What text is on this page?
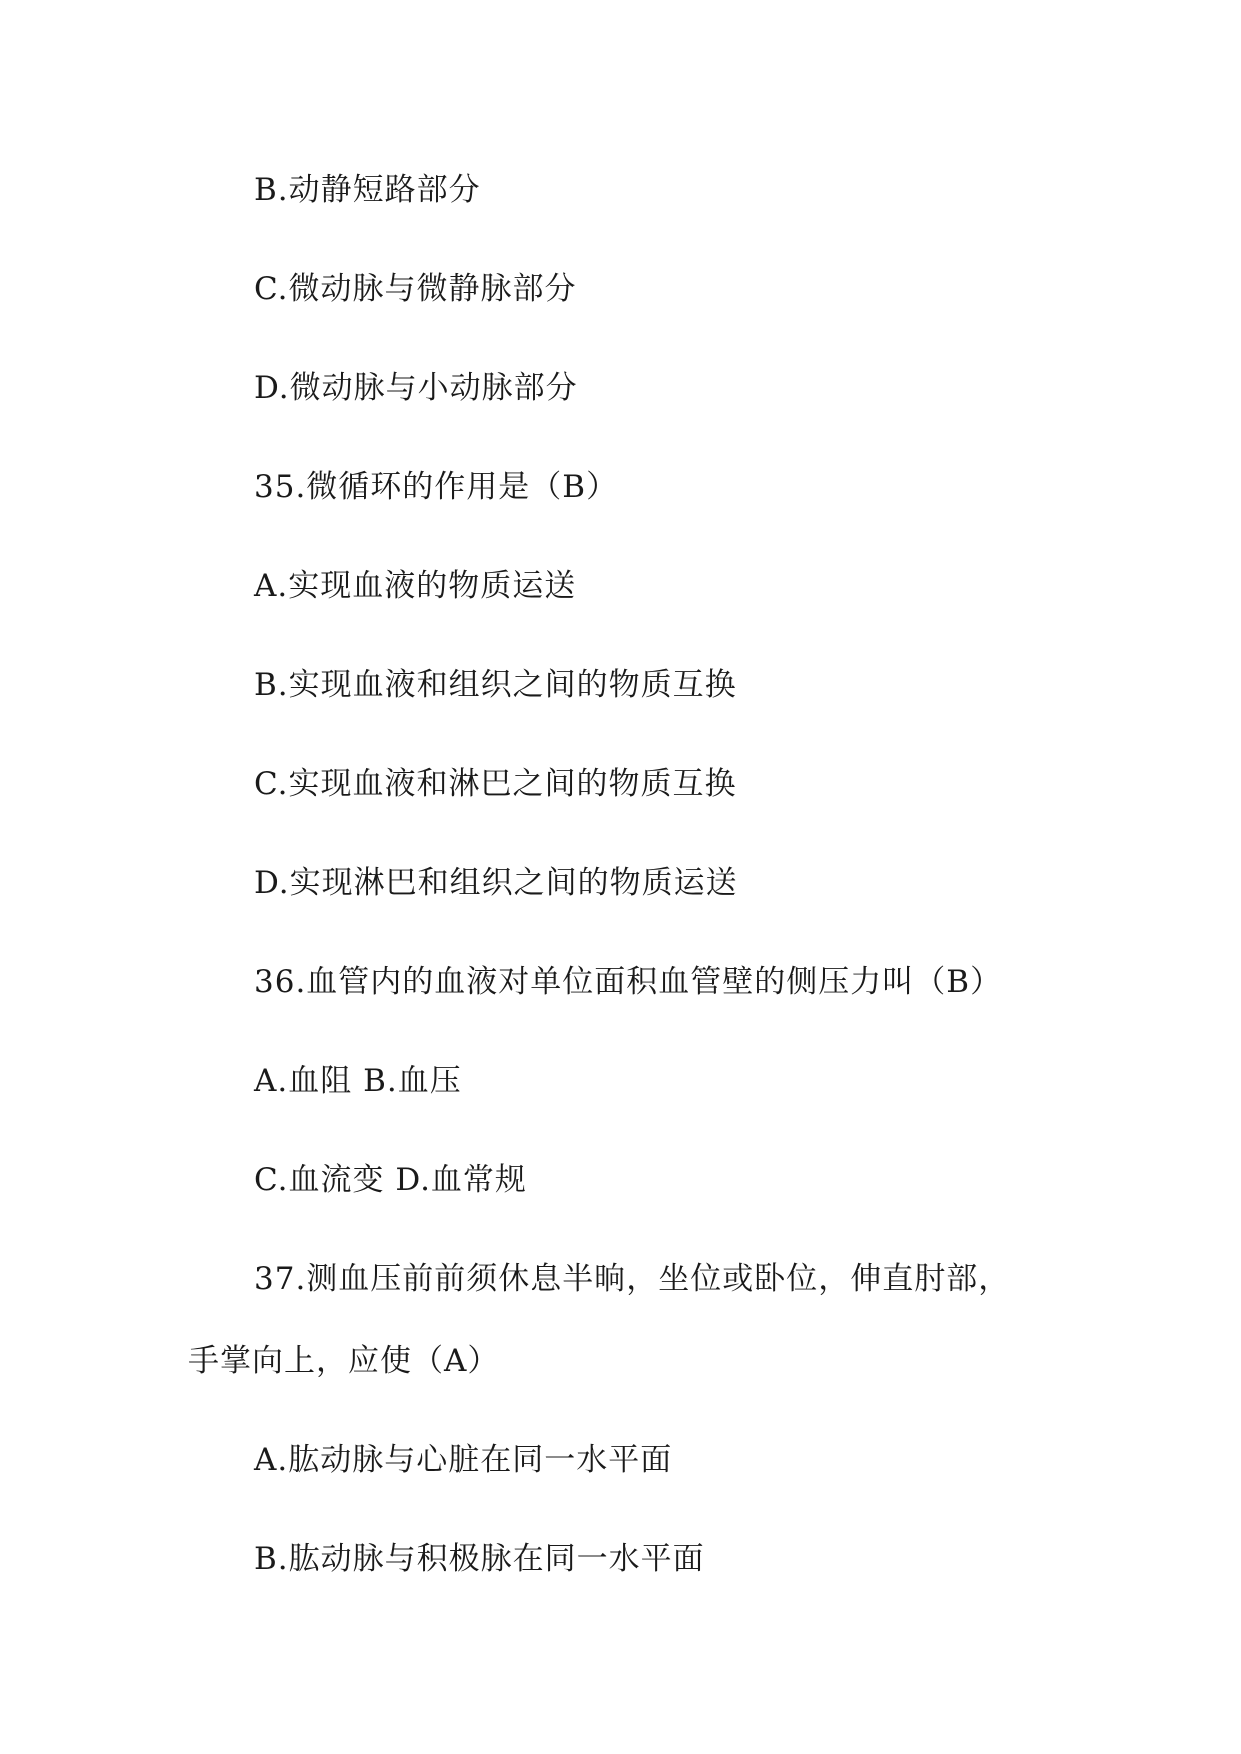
B.动静短路部分
C.微动脉与微静脉部分
D.微动脉与小动脉部分
35.微循环的作用是（B）
A.实现血液的物质运送
B.实现血液和组织之间的物质互换
C.实现血液和淋巴之间的物质互换
D.实现淋巴和组织之间的物质运送
36.血管内的血液对单位面积血管壁的侧压力叫（B）
A.血阻 B.血压
C.血流变 D.血常规
37.测血压前前须休息半晌，坐位或卧位，伸直肘部，
手掌向上，应使（A）
A.肱动脉与心脏在同一水平面
B.肱动脉与积极脉在同一水平面
